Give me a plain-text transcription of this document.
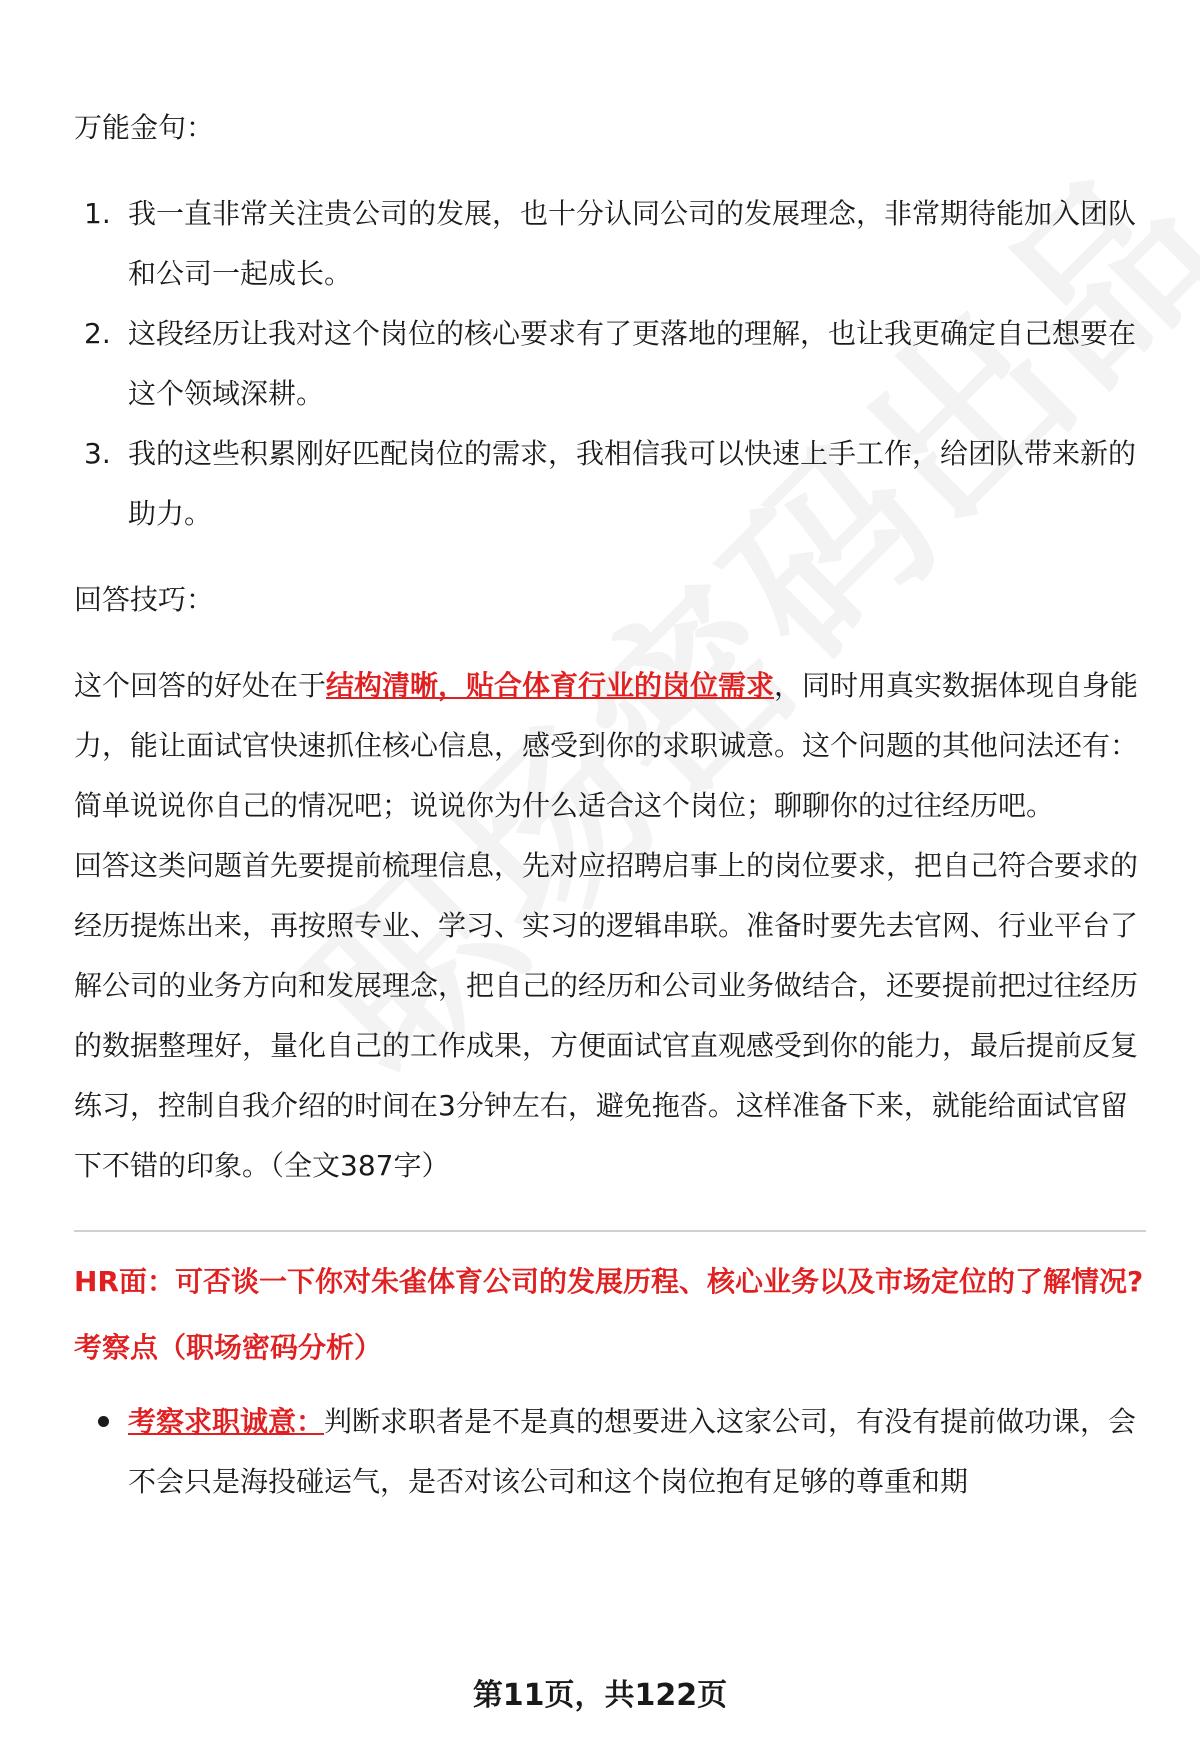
万能金句：

1. 我一直非常关注贵公司的发展，也十分认同公司的发展理念，非常期待能加入团队和公司一起成长。
2. 这段经历让我对这个岗位的核心要求有了更落地的理解，也让我更确定自己想要在这个领域深耕。
3. 我的这些积累刚好匹配岗位的需求，我相信我可以快速上手工作，给团队带来新的助力。

回答技巧：

这个回答的好处在于结构清晰，贴合体育行业的岗位需求，同时用真实数据体现自身能力，能让面试官快速抓住核心信息，感受到你的求职诚意。这个问题的其他问法还有：简单说说你自己的情况吧；说说你为什么适合这个岗位；聊聊你的过往经历吧。

回答这类问题首先要提前梳理信息，先对应招聘启事上的岗位要求，把自己符合要求的经历提炼出来，再按照专业、学习、实习的逻辑串联。准备时要先去官网、行业平台了解公司的业务方向和发展理念，把自己的经历和公司业务做结合，还要提前把过往经历的数据整理好，量化自己的工作成果，方便面试官直观感受到你的能力，最后提前反复练习，控制自我介绍的时间在3分钟左右，避免拖沓。这样准备下来，就能给面试官留下不错的印象。（全文387字）

HR面：可否谈一下你对朱雀体育公司的发展历程、核心业务以及市场定位的了解情况?

考察点（职场密码分析）

考察求职诚意：判断求职者是不是真的想要进入这家公司，有没有提前做功课，会不会只是海投碰运气，是否对该公司和这个岗位抱有足够的尊重和期
第11页，共122页
